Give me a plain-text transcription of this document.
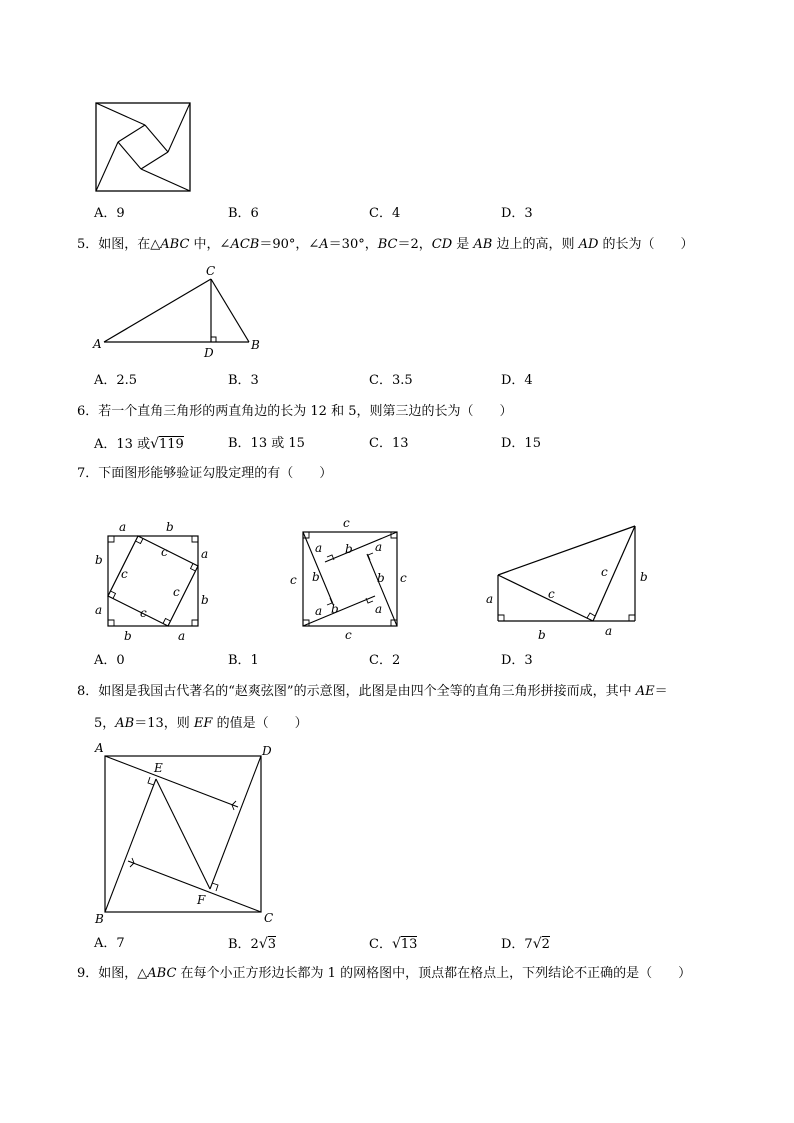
A．9	B．6	C．4	D．3
5．如图，在△ABC 中，∠ACB＝90°，∠A＝30°，BC＝2，CD 是 AB 边上的高，则 AD 的长为（　　）
C
A	B
D
A．2.5	B．3	C．3.5	D．4
6．若一个直角三角形的两直角边的长为 12 和 5，则第三边的长为（　　）
A．13 或√119	B．13 或 15	C．13	D．15
7．下面图形能够验证勾股定理的有（　　）
a	b
a
b
a
b
a
b
c
c
c
c
c
c	c
c
a b a
b	b
a b	a
a
b	a
c
c	b
A．0	B．1	C．2	D．3
8．如图是我国古代著名的“赵爽弦图”的示意图，此图是由四个全等的直角三角形拼接而成，其中 AE＝
5，AB＝13，则 EF 的值是（　　）
A	D
B	C
E
F
A．7	B．2√3	C．√13	D．7√2
9．如图，△ABC 在每个小正方形边长都为 1 的网格图中，顶点都在格点上，下列结论不正确的是（　　）
